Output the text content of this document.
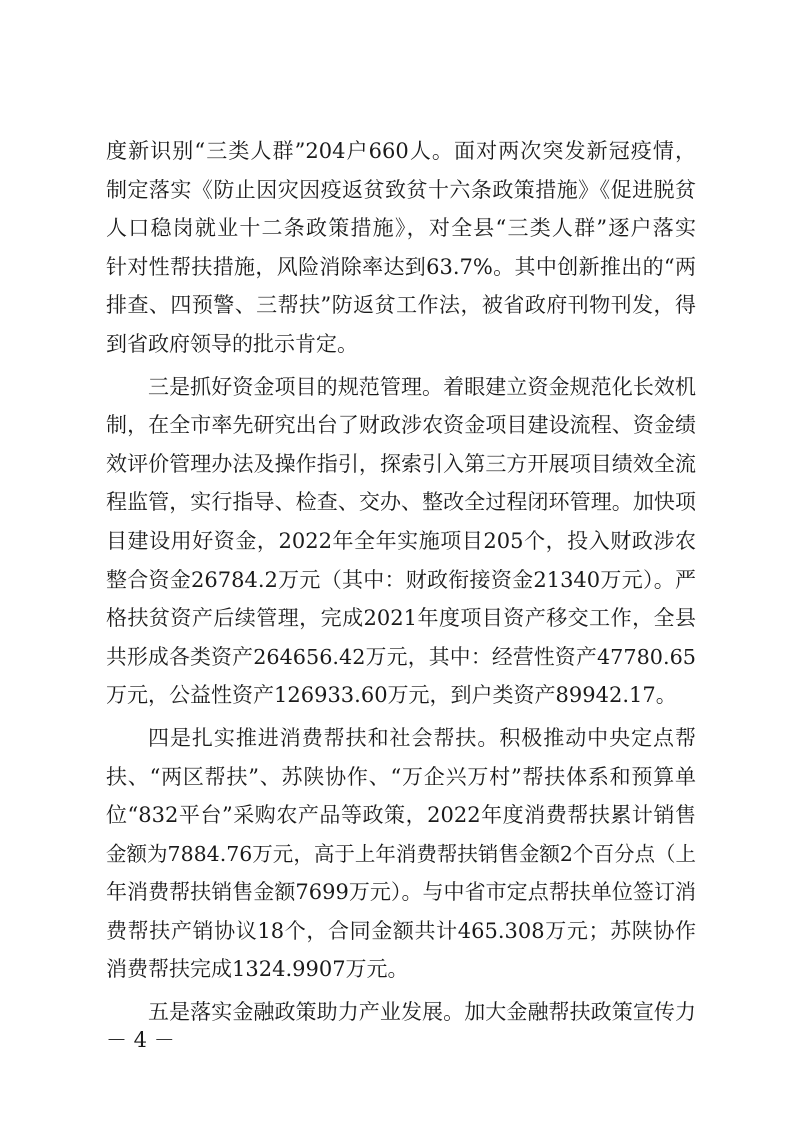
度新识别“三类人群”204户660人。面对两次突发新冠疫情，
制定落实《防止因灾因疫返贫致贫十六条政策措施》《促进脱贫
人口稳岗就业十二条政策措施》，对全县“三类人群”逐户落实
针对性帮扶措施，风险消除率达到63.7%。其中创新推出的“两
排查、四预警、三帮扶”防返贫工作法，被省政府刊物刊发，得
到省政府领导的批示肯定。
三是抓好资金项目的规范管理。着眼建立资金规范化长效机
制，在全市率先研究出台了财政涉农资金项目建设流程、资金绩
效评价管理办法及操作指引，探索引入第三方开展项目绩效全流
程监管，实行指导、检查、交办、整改全过程闭环管理。加快项
目建设用好资金，2022年全年实施项目205个，投入财政涉农
整合资金26784.2万元（其中：财政衔接资金21340万元）。严
格扶贫资产后续管理，完成2021年度项目资产移交工作，全县
共形成各类资产264656.42万元，其中：经营性资产47780.65
万元，公益性资产126933.60万元，到户类资产89942.17。
四是扎实推进消费帮扶和社会帮扶。积极推动中央定点帮
扶、“两区帮扶”、苏陕协作、“万企兴万村”帮扶体系和预算单
位“832平台”采购农产品等政策，2022年度消费帮扶累计销售
金额为7884.76万元，高于上年消费帮扶销售金额2个百分点（上
年消费帮扶销售金额7699万元）。与中省市定点帮扶单位签订消
费帮扶产销协议18个，合同金额共计465.308万元；苏陕协作
消费帮扶完成1324.9907万元。
五是落实金融政策助力产业发展。加大金融帮扶政策宣传力
－ 4 －
